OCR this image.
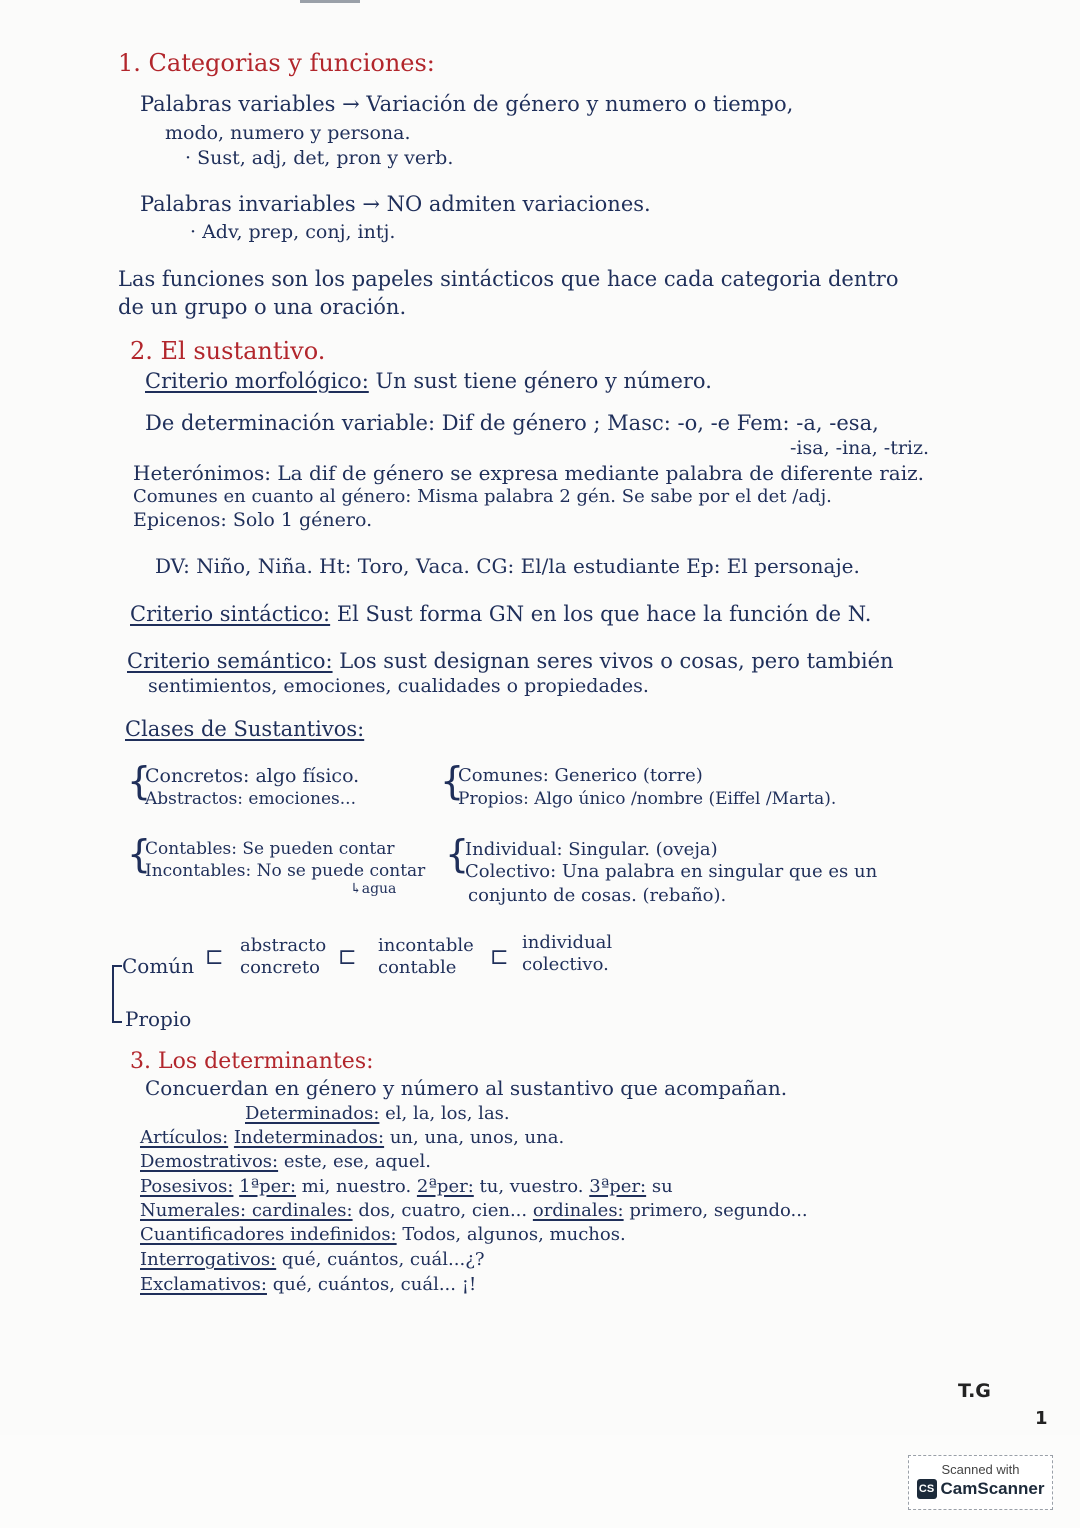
1. Categorias y funciones:
Palabras variables → Variación de género y numero o tiempo,
modo, numero y persona.
· Sust, adj, det, pron y verb.
Palabras invariables → NO admiten variaciones.
· Adv, prep, conj, intj.
Las funciones son los papeles sintácticos que hace cada categoria dentro
de un grupo o una oración.
2. El sustantivo.
Criterio morfológico: Un sust tiene género y número.
De determinación variable: Dif de género ; Masc: -o, -e Fem: -a, -esa,
-isa, -ina, -triz.
Heterónimos: La dif de género se expresa mediante palabra de diferente raiz.
Comunes en cuanto al género: Misma palabra 2 gén. Se sabe por el det /adj.
Epicenos: Solo 1 género.
DV: Niño, Niña. Ht: Toro, Vaca. CG: El/la estudiante Ep: El personaje.
Criterio sintáctico: El Sust forma GN en los que hace la función de N.
Criterio semántico: Los sust designan seres vivos o cosas, pero también
sentimientos, emociones, cualidades o propiedades.
Clases de Sustantivos:
{
Concretos: algo físico.
Abstractos: emociones... {
Comunes: Generico (torre)
Propios: Algo único /nombre (Eiffel /Marta).
{
Contables: Se pueden contar
Incontables: No se puede contar
↳agua
{
Individual: Singular. (oveja)
Colectivo: Una palabra en singular que es un
conjunto de cosas. (rebaño).
Común
Propio
⊏ abstracto
concreto ⊏ incontable
contable ⊏
individual
colectivo.
3. Los determinantes:
Concuerdan en género y número al sustantivo que acompañan.
Determinados: el, la, los, las.
Artículos: Indeterminados: un, una, unos, una.
Demostrativos: este, ese, aquel.
Posesivos: 1ªper: mi, nuestro. 2ªper: tu, vuestro. 3ªper: su
Numerales: cardinales: dos, cuatro, cien... ordinales: primero, segundo...
Cuantificadores indefinidos: Todos, algunos, muchos.
Interrogativos: qué, cuántos, cuál...¿?
Exclamativos: qué, cuántos, cuál... ¡!
T.G
1
Scanned with
CS CamScanner
